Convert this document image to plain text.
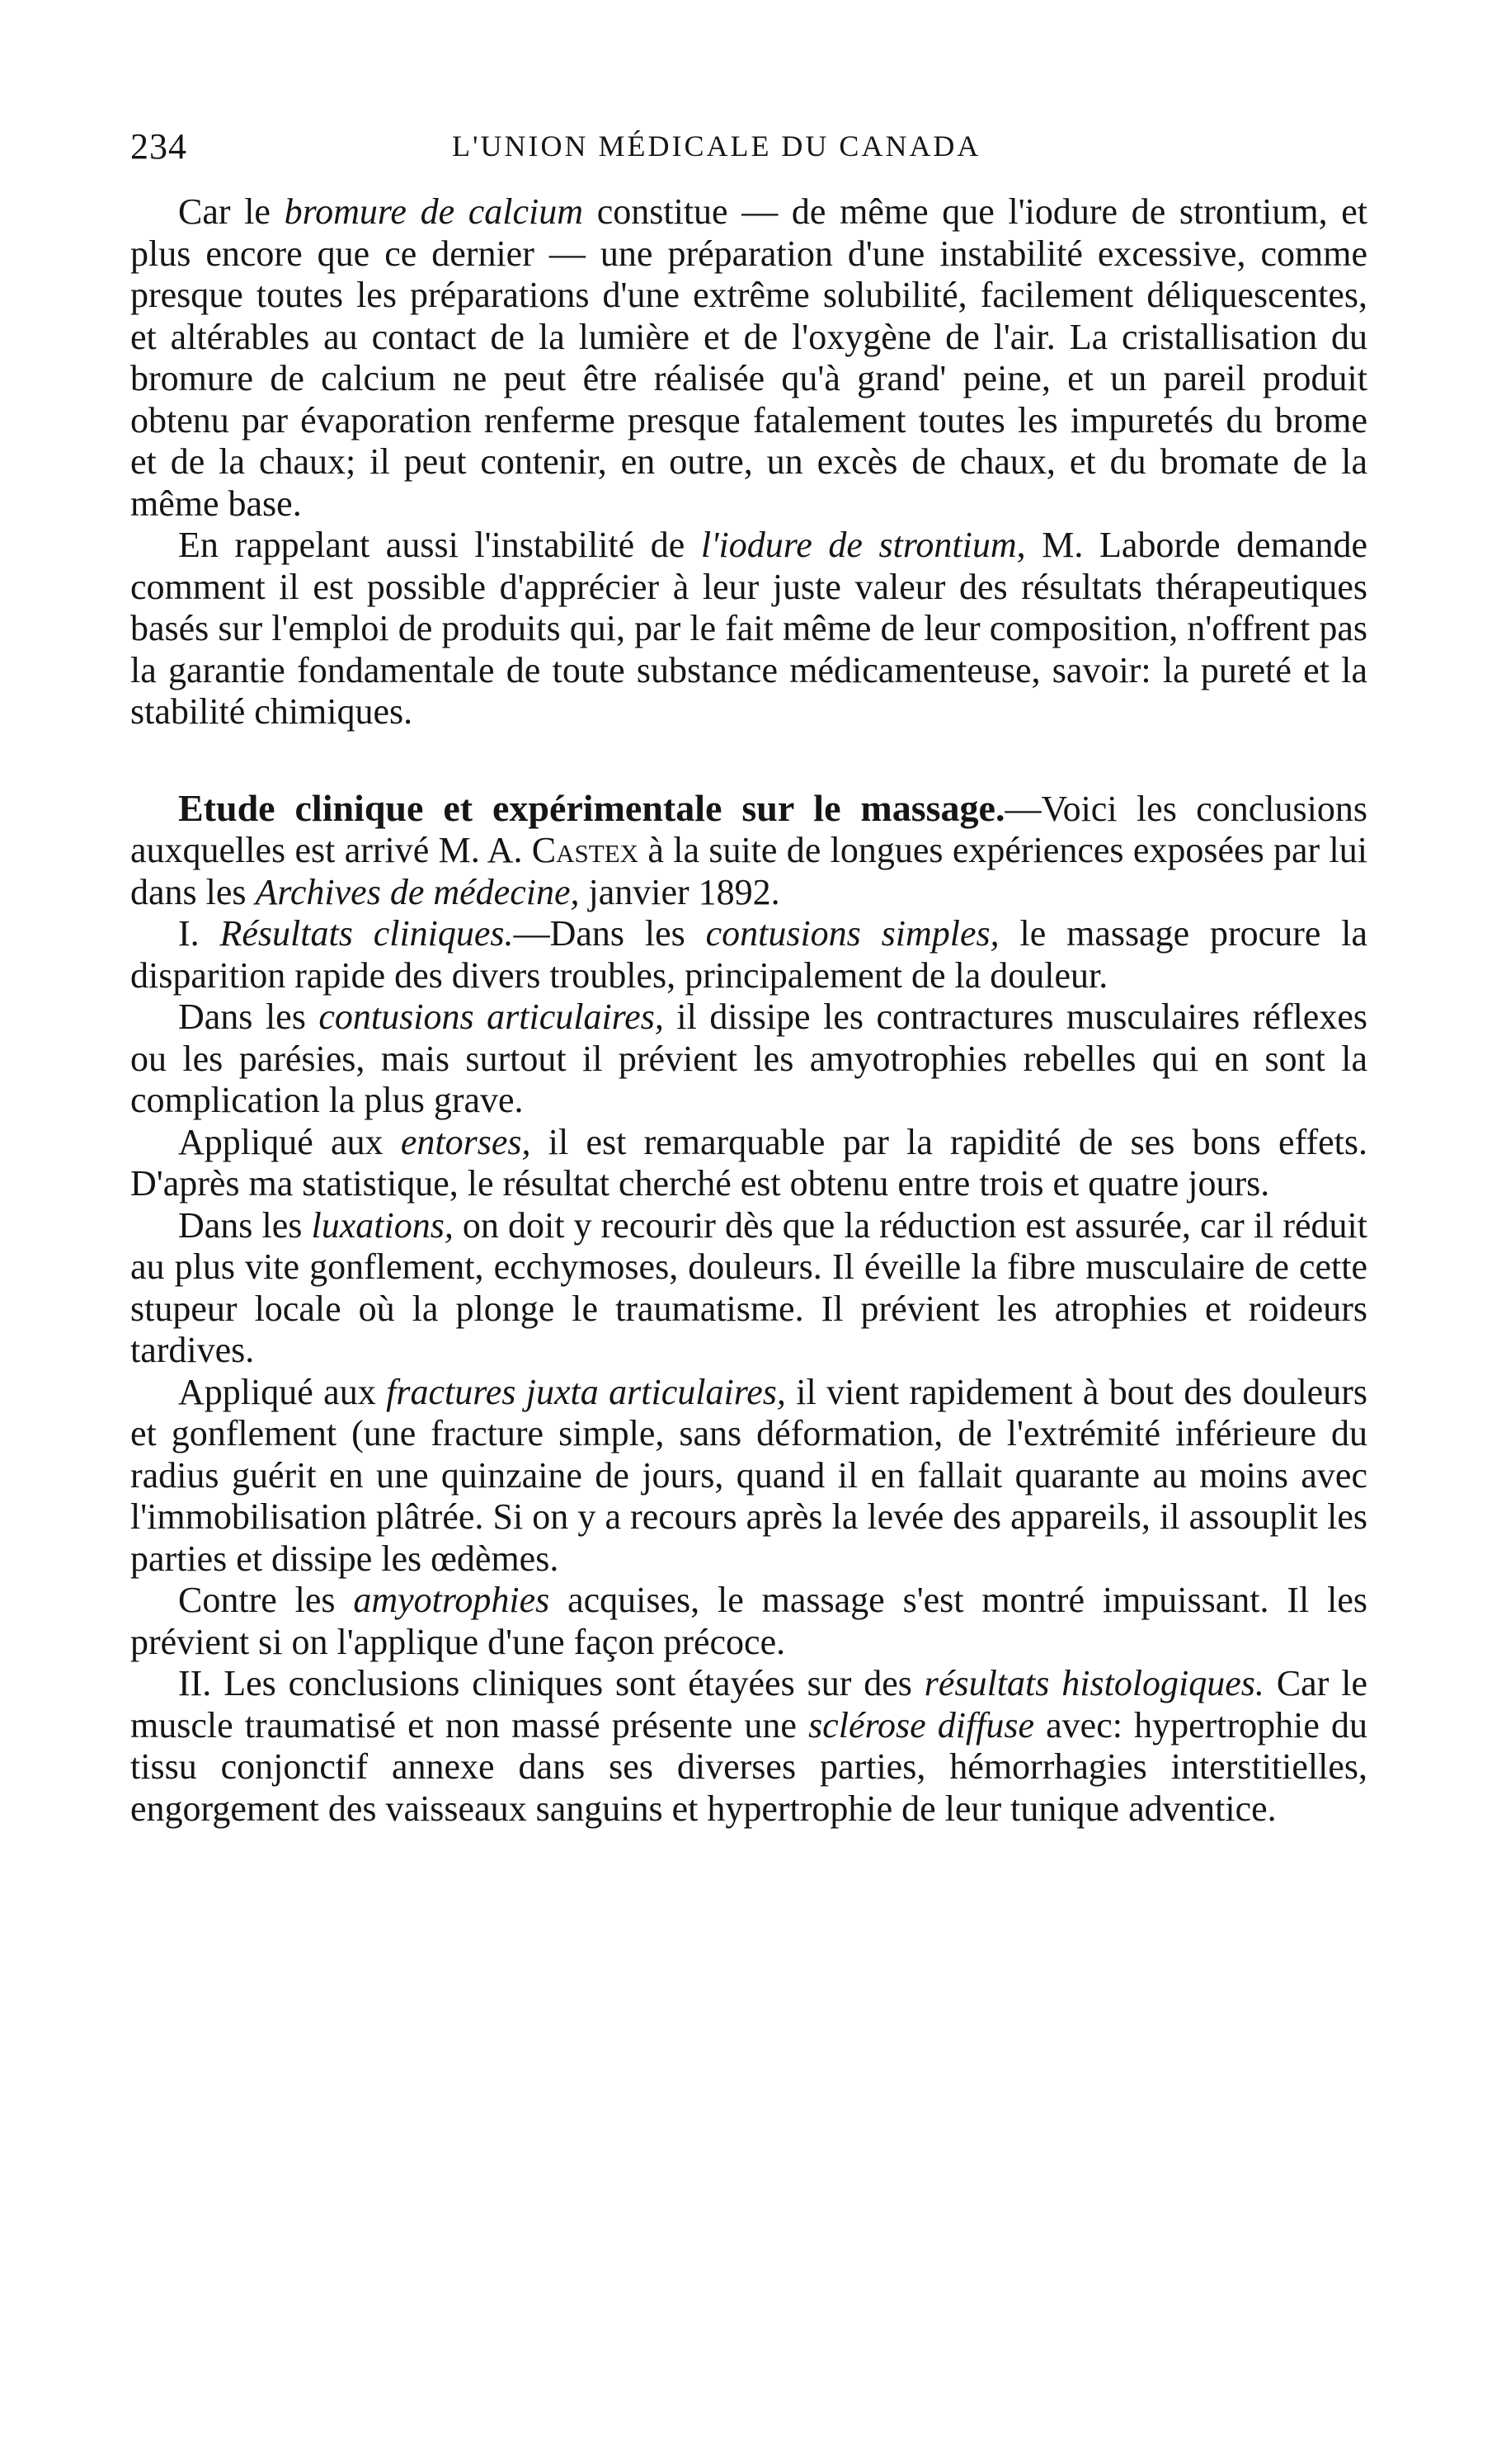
234	L'UNION MÉDICALE DU CANADA

Car le bromure de calcium constitue — de même que l'iodure de strontium, et plus encore que ce dernier — une préparation d'une instabilité excessive, comme presque toutes les préparations d'une extrême solubilité, facilement déliquescentes, et altérables au contact de la lumière et de l'oxygène de l'air. La cristallisation du bromure de calcium ne peut être réalisée qu'à grand' peine, et un pareil produit obtenu par évaporation renferme presque fatalement toutes les impuretés du brome et de la chaux; il peut contenir, en outre, un excès de chaux, et du bromate de la même base.

En rappelant aussi l'instabilité de l'iodure de strontium, M. Laborde demande comment il est possible d'apprécier à leur juste valeur des résultats thérapeutiques basés sur l'emploi de produits qui, par le fait même de leur composition, n'offrent pas la garantie fondamentale de toute substance médicamenteuse, savoir: la pureté et la stabilité chimiques.

Etude clinique et expérimentale sur le massage.—Voici les conclusions auxquelles est arrivé M. A. Castex à la suite de longues expériences exposées par lui dans les Archives de médecine, janvier 1892.

I. Résultats cliniques.—Dans les contusions simples, le massage procure la disparition rapide des divers troubles, principalement de la douleur.

Dans les contusions articulaires, il dissipe les contractures musculaires réflexes ou les parésies, mais surtout il prévient les amyotrophies rebelles qui en sont la complication la plus grave.

Appliqué aux entorses, il est remarquable par la rapidité de ses bons effets. D'après ma statistique, le résultat cherché est obtenu entre trois et quatre jours.

Dans les luxations, on doit y recourir dès que la réduction est assurée, car il réduit au plus vite gonflement, ecchymoses, douleurs. Il éveille la fibre musculaire de cette stupeur locale où la plonge le traumatisme. Il prévient les atrophies et roideurs tardives.

Appliqué aux fractures juxta articulaires, il vient rapidement à bout des douleurs et gonflement (une fracture simple, sans déformation, de l'extrémité inférieure du radius guérit en une quinzaine de jours, quand il en fallait quarante au moins avec l'immobilisation plâtrée. Si on y a recours après la levée des appareils, il assouplit les parties et dissipe les œdèmes.

Contre les amyotrophies acquises, le massage s'est montré impuissant. Il les prévient si on l'applique d'une façon précoce.

II. Les conclusions cliniques sont étayées sur des résultats histologiques. Car le muscle traumatisé et non massé présente une sclérose diffuse avec: hypertrophie du tissu conjonctif annexe dans ses diverses parties, hémorrhagies interstitielles, engorgement des vaisseaux sanguins et hypertrophie de leur tunique adventice.
